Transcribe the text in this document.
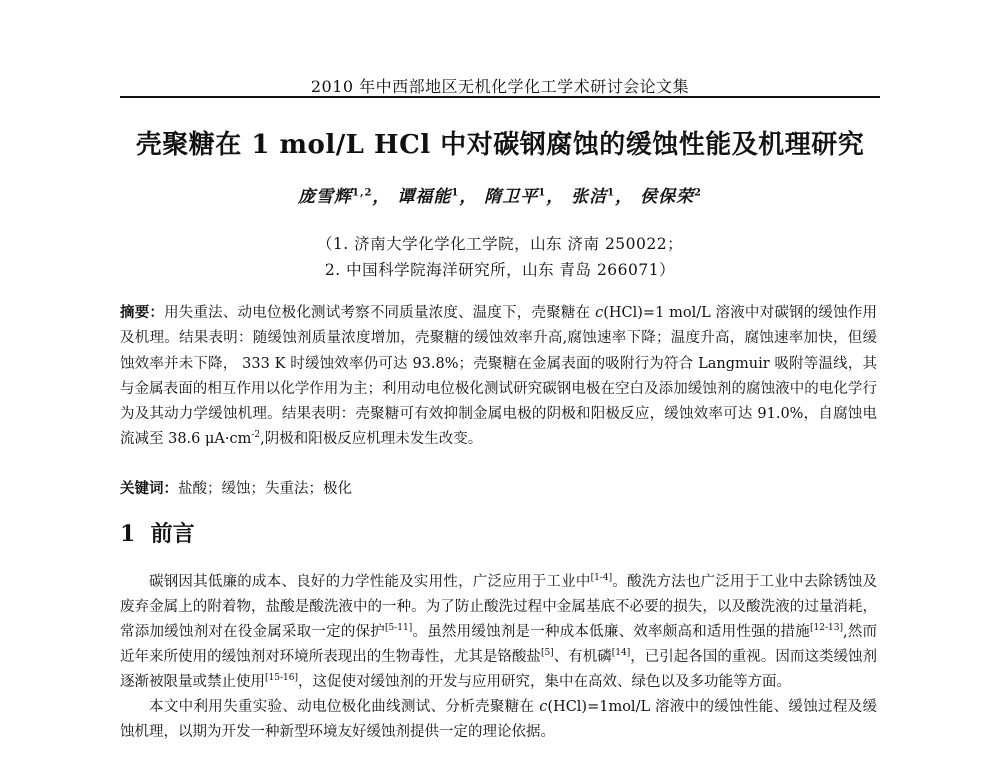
2010 年中西部地区无机化学化工学术研讨会论文集
壳聚糖在 1 mol/L HCl 中对碳钢腐蚀的缓蚀性能及机理研究
庞雪辉$^{1,2}$， 谭福能$^1$， 隋卫平$^1$， 张洁$^1$， 侯保荣$^2$
（1. 济南大学化学化工学院，山东 济南 250022；
2. 中国科学院海洋研究所，山东 青岛 266071）
摘要：用失重法、动电位极化测试考察不同质量浓度、温度下，壳聚糖在 c(HCl)=1 mol/L 溶液中对碳钢的缓蚀作用及机理。结果表明：随缓蚀剂质量浓度增加，壳聚糖的缓蚀效率升高,腐蚀速率下降；温度升高，腐蚀速率加快，但缓蚀效率并未下降， 333 K 时缓蚀效率仍可达 93.8%；壳聚糖在金属表面的吸附行为符合 Langmuir 吸附等温线，其与金属表面的相互作用以化学作用为主；利用动电位极化测试研究碳钢电极在空白及添加缓蚀剂的腐蚀液中的电化学行为及其动力学缓蚀机理。结果表明：壳聚糖可有效抑制金属电极的阴极和阳极反应，缓蚀效率可达 91.0%，自腐蚀电流减至 38.6 $\mu A\cdot cm^{-2}$,阴极和阳极反应机理未发生改变。
关键词：盐酸；缓蚀；失重法；极化
1 前言

碳钢因其低廉的成本、良好的力学性能及实用性，广泛应用于工业中[1-4]。酸洗方法也广泛用于工业中去除锈蚀及废弃金属上的附着物，盐酸是酸洗液中的一种。为了防止酸洗过程中金属基底不必要的损失，以及酸洗液的过量消耗，常添加缓蚀剂对在役金属采取一定的保护[5-11]。虽然用缓蚀剂是一种成本低廉、效率颇高和适用性强的措施[12-13],然而近年来所使用的缓蚀剂对环境所表现出的生物毒性，尤其是铬酸盐[5]、有机磷[14]，已引起各国的重视。因而这类缓蚀剂逐渐被限量或禁止使用[15-16]，这促使对缓蚀剂的开发与应用研究，集中在高效、绿色以及多功能等方面。

本文中利用失重实验、动电位极化曲线测试、分析壳聚糖在 c(HCl)=1mol/L 溶液中的缓蚀性能、缓蚀过程及缓蚀机理，以期为开发一种新型环境友好缓蚀剂提供一定的理论依据。
